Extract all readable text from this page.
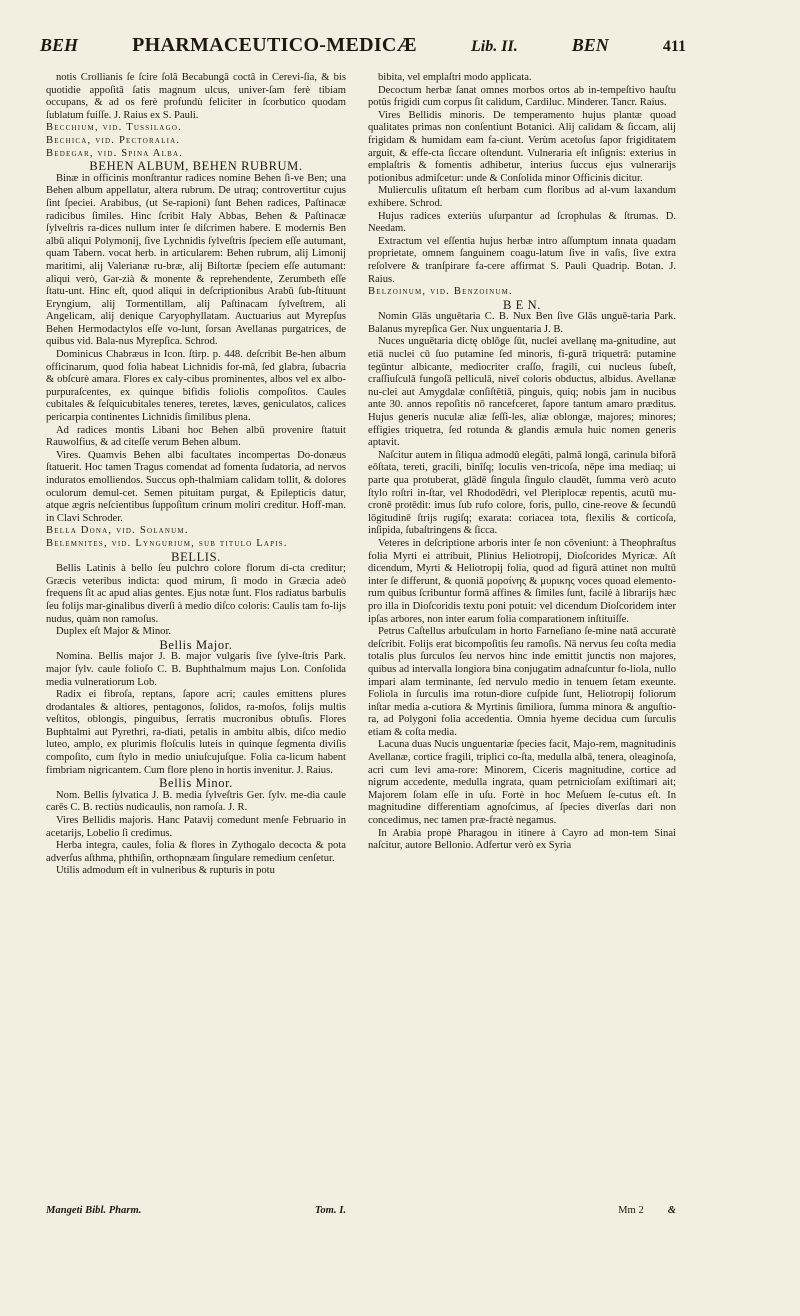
BEH	PHARMACEUTICO-MEDICÆ	Lib. II.	BEN	411

notis Crollianis ſe ſcire ſolâ Becabungâ coctâ in Cerevi-ſia, & bis quotidie appoſitâ ſatis magnum ulcus, univer-ſam ferè tibiam occupans, & ad os ferè profundù feliciter in ſcorbutico quodam ſublatum fuiſſe. J. Raius ex S. Pauli.

Becchium, vid. Tuſſilago.

Bechica, vid. Pectoralia.

Bedegar, vid. Spina Alba.

BEHEN ALBUM, BEHEN RUBRUM.

Binæ in officinis monſtrantur radices nomine Behen ſi-ve Ben; una Behen album appellatur, altera rubrum. De utraq; controvertitur cujus ſint ſpeciei. Arabibus, (ut Se-rapioni) ſunt Behen radices, Paſtinacæ radicibus ſimiles. Hinc ſcribit Haly Abbas, Behen & Paſtinacæ ſylveſtris ra-dices nullum inter ſe diſcrimen habere. E modernis Ben albū aliqui Polymonij, ſive Lychnidis ſylveſtris ſpeciem eſſe autumant, quam Tabern. vocat herb. in articularem: Behen rubrum, alij Limonij maritimi, alij Valerianæ ru-bræ, alij Biſtortæ ſpeciem eſſe autumant: aliqui verò, Gar-zià & monente & reprehendente, Zerumbeth eſſe ſtatu-unt. Hinc eſt, quod aliqui in deſcriptionibus Arabū ſub-ſtituunt Eryngium, alij Tormentillam, alij Paſtinacam ſylveſtrem, ali Angelicam, alij denique Caryophyllatam. Auctuarius aut Myrepſus Behen Hermodactylos eſſe vo-lunt, ſorsan Avellanas purgatrices, de quibus vid. Bala-nus Myrepſica. Schrod.

Dominicus Chabræus in Icon. ſtirp. p. 448. deſcribit Be-hen album officinarum, quod folia habeat Lichnidis for-mâ, ſed glabra, ſubacria & obſcurè amara. Flores ex caly-cibus prominentes, albos vel ex albo-purpuraſcentes, ex quinque bifidis foliolis compoſitos. Caules cubitales & ſeſquicubitales teneres, teretes, læves, geniculatos, calices pericarpia continentes Lichnidis ſimilibus plena.

Ad radices montis Libani hoc Behen albū provenire ſtatuit Rauwolfius, & ad citeſſe verum Behen album.

Vires. Quamvis Behen albi facultates incompertas Do-donæus ſtatuerit. Hoc tamen Tragus comendat ad fomenta ſudatoria, ad nervos induratos emolliendos. Succus oph-thalmiam calidam tollit, & dolores oculorum demul-cet. Semen pituitam purgat, & Epilepticis datur, atque ægris neſcientibus ſuppoſitum crinum moliri creditur. Hoff-man. in Clavi Schroder.

Bella Dona, vid. Solanum.

Belemnites, vid. Lyngurium, ſub titulo Lapis.

BELLIS.

Bellis Latinis à bello ſeu pulchro colore florum di-cta creditur; Græcis veteribus indicta: quod mirum, ſi modo in Græcia adeò frequens ſit ac apud alias gentes. Ejus notæ ſunt. Flos radiatus barbulis ſeu folijs mar-ginalibus diverſi à medio diſco coloris: Caulis tam fo-lijs nudus, quàm non ramoſus.

Duplex eſt Major & Minor.

Bellis Major.

Nomina. Bellis major J. B. major vulgaris ſive ſylve-ſtris Park. major ſylv. caule folioſo C. B. Buphthalmum majus Lon. Conſolida media vulneratiorum Lob.

Radix ei fibroſa, reptans, ſapore acri; caules emittens plures drodantales & altiores, pentagonos, ſolidos, ra-moſos, folijs multis veſtitos, oblongis, pinguibus, ſerratis mucronibus obtuſis. Flores Buphtalmi aut Pyrethri, ra-diati, petalis in ambitu albis, diſco medio luteo, amplo, ex plurimis floſculis luteis in quinque ſegmenta diviſis compoſito, cum ſtylo in medio uniuſcujuſque. Folia ca-licum habent fimbriam nigricantem. Cum flore pleno in hortis invenitur. J. Raius.

Bellis Minor.

Nom. Bellis ſylvatica J. B. media ſylveſtris Ger. ſylv. me-dia caule carēs C. B. rectiùs nudicaulis, non ramoſa. J. R.

Vires Bellidis majoris. Hanc Patavij comedunt menſe Februario in acetarijs, Lobelio ſi credimus.

Herba integra, caules, folia & flores in Zythogalo decocta & pota adverſus aſthma, phthiſin, orthopnæam ſingulare remedium cenſetur.

Utilis admodum eſt in vulneribus & rupturis in potu

bibita, vel emplaſtri modo applicata.

Decoctum herbæ ſanat omnes morbos ortos ab in-tempeſtivo hauſtu potûs frigidi cum corpus ſit calidum, Cardiluc. Minderer. Tancr. Raius.

Vires Bellidis minoris. De temperamento hujus plantæ quoad qualitates primas non conſentiunt Botanici. Alij calidam & ſiccam, alij frigidam & humidam eam fa-ciunt. Verùm acetoſus ſapor frigiditatem arguit, & effe-cta ſiccare oſtendunt. Vulneraria eſt inſignis: exterius in emplaſtris & fomentis adhibetur, interius ſuccus ejus vulnerarijs potionibus admiſcetur: unde & Conſolida minor Officinis dicitur.

Mulierculis uſitatum eſt herbam cum floribus ad al-vum laxandum exhibere. Schrod.

Hujus radices exteriùs uſurpantur ad ſcrophulas & ſtrumas. D. Needam.

Extractum vel eſſentia hujus herbæ intro aſſumptum innata quadam proprietate, omnem ſanguinem coagu-latum ſive in vaſis, ſive extra reſolvere & tranſpirare fa-cere affirmat S. Pauli Quadrip. Botan. J. Raius.

Belzoinum, vid. Benzoinum.

B E N.

Nomin Glās unguētaria C. B. Nux Ben ſive Glās unguē-taria Park. Balanus myrepſica Ger. Nux unguentaria J. B.

Nuces unguētaria dictę oblōge ſūt, nuclei avellanę ma-gnitudine, aut etiā nuclei cū ſuo putamine ſed minoris, fi-gurā triquetrā: putamine tegūntur albicante, mediocriter craſſo, fragili, cui nucleus ſubeſt, craſſiuſculā fungoſā pelliculā, niveī coloris obductus, albidus. Avellanæ nu-clei aut Amygdalæ conſiſtētiā, pinguis, quiq; nobis jam in nucibus ante 30. annos repoſitis nō rancefceret, ſapore tantum amaro præditus. Hujus generis nuculæ aliæ ſeſſi-les, aliæ oblongæ, majores; minores; effigies triquetra, ſed rotunda & glandis æmula huic nomen generis aptavit.

Naſcitur autem in ſiliqua admodū elegāti, palmā longā, carinula biforā eōſtata, tereti, gracili, binīſq; loculis ven-tricoſa, nēpe ima mediaq; ui parte qua protuberat, glādē ſingula ſingulo claudēt, ſumma verò acuto ſtylo roſtri in-ſtar, vel Rhododēdri, vel Pleriplocæ repentis, acutū mu-cronē protēdit: imus ſub rufo colore, foris, pullo, cine-reove & ſecundū lōgitudinē ſtrijs rugiſq; exarata: coriacea tota, flexilis & corticoſa, inſipida, ſubaſtringens & ſicca.

Veteres in deſcriptione arboris inter ſe non cōveniunt: à Theophraſtus folia Myrti ei attribuit, Plinius Heliotropij, Dioſcorides Myricæ. Aſt dicendum, Myrti & Heliotropij folia, quod ad figurā attinet non multū inter ſe differunt, & quoniā μορσίνης & μυρικης voces quoad elemento-rum quibus ſcribuntur formā affines & ſimiles ſunt, facilè à librarijs hæc pro illa in Dioſcoridis textu poni potuit: vel dicendum Dioſcoridem inter ipſas arbores, non inter earum folia comparationem inſtituiſſe.

Petrus Caſtellus arbuſculam in horto Farneſiano ſe-mine natā accuratè deſcribit. Folijs erat bicompoſitis ſeu ramoſis. Nā nervus ſeu coſta media totalis plus ſurculos ſeu nervos hinc inde emittit junctis non majores, quibus ad intervalla longiora bina conjugatim adnaſcuntur fo-liola, nullo impari alam terminante, ſed nervulo medio in tenuem ſetam exeunte. Foliola in ſurculis ima rotun-diore cuſpide ſunt, Heliotropij foliorum inſtar media a-cutiora & Myrtinis ſimiliora, ſumma minora & anguſtio-ra, ad Polygoni folia accedentia. Omnia hyeme decidua cum ſurculis etiam & coſta media.

Lacuna duas Nucis unguentariæ ſpecies facit, Majo-rem, magnitudinis Avellanæ, cortice fragili, triplici co-ſta, medulla albā, tenera, oleaginoſa, acri cum levi ama-rore: Minorem, Ciceris magnitudine, cortice ad nigrum accedente, medulla ingrata, quam petrnicioſam exiſtimari ait; Majorem ſolam eſſe in uſu. Fortè in hoc Meſuem ſe-cutus eſt. In magnitudine differentiam agnoſcimus, aſ ſpecies diverſas dari non concedimus, nec tamen præ-fractè negamus.

In Arabia propè Pharagou in itinere à Cayro ad mon-tem Sinai naſcitur, autore Bellonio. Adfertur verò ex Syria

Mangeti Bibl. Pharm.	Tom. I.	Mm 2 &
